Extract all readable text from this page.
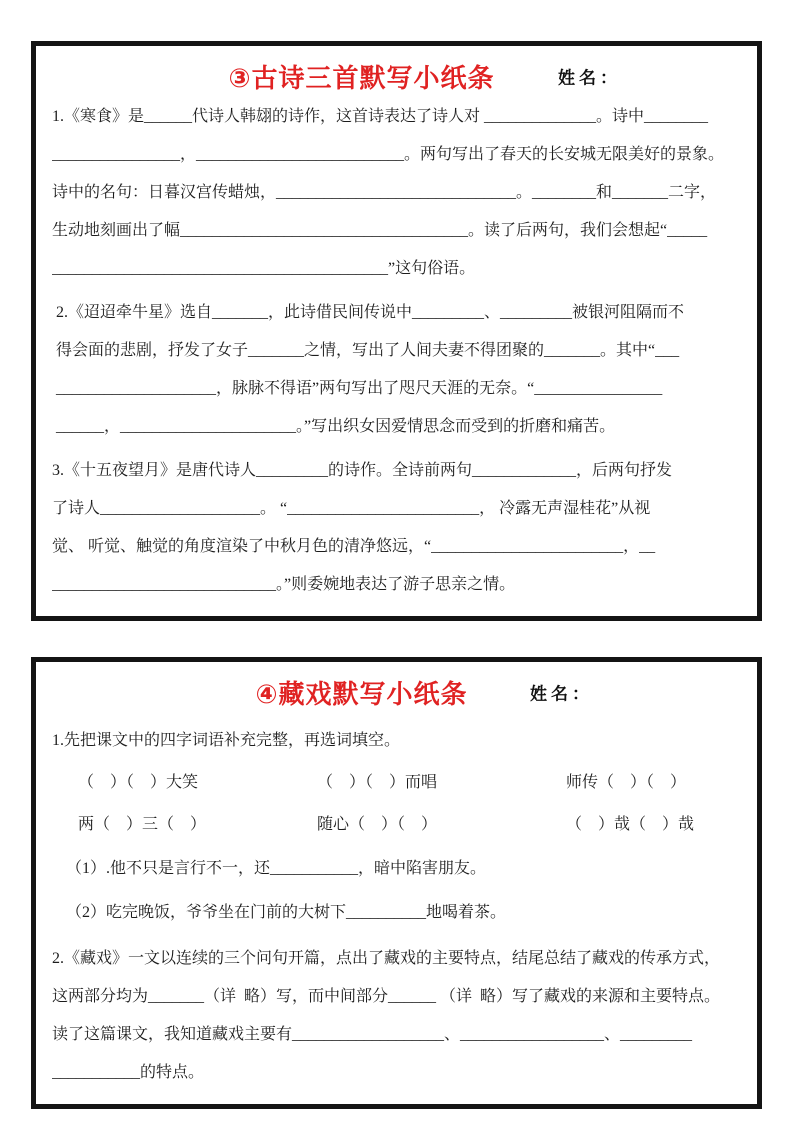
③古诗三首默写小纸条	姓名：

1.《寒食》是______代诗人韩翃的诗作，这首诗表达了诗人对 ______________。诗中________

________________，__________________________。两句写出了春天的长安城无限美好的景象。

诗中的名句：日暮汉宫传蜡烛，______________________________。________和_______二字，

生动地刻画出了幅____________________________________。读了后两句，我们会想起“_____

__________________________________________”这句俗语。

2.《迢迢牵牛星》选自_______，此诗借民间传说中_________、_________被银河阻隔而不

得会面的悲剧，抒发了女子_______之情，写出了人间夫妻不得团聚的_______。其中“___

____________________，脉脉不得语”两句写出了咫尺天涯的无奈。“________________

______，______________________。”写出织女因爱情思念而受到的折磨和痛苦。

3.《十五夜望月》是唐代诗人_________的诗作。全诗前两句_____________，后两句抒发

了诗人____________________。 “________________________， 冷露无声湿桂花”从视

觉、 听觉、触觉的角度渲染了中秋月色的清净悠远，“________________________，__

____________________________。”则委婉地表达了游子思亲之情。

④藏戏默写小纸条	姓名：

1.先把课文中的四字词语补充完整，再选词填空。

（    ）（    ）大笑	（    ）（    ）而唱	师传（    ）（    ）

两（    ）三（    ）	随心（    ）（    ）	（    ）哉（    ）哉

（1）.他不只是言行不一，还___________，暗中陷害朋友。

（2）吃完晚饭，爷爷坐在门前的大树下__________地喝着茶。

2.《藏戏》一文以连续的三个问句开篇，点出了藏戏的主要特点，结尾总结了藏戏的传承方式，

这两部分均为_______（详  略）写，而中间部分______ （详  略）写了藏戏的来源和主要特点。

读了这篇课文，我知道藏戏主要有___________________、__________________、_________

___________的特点。
